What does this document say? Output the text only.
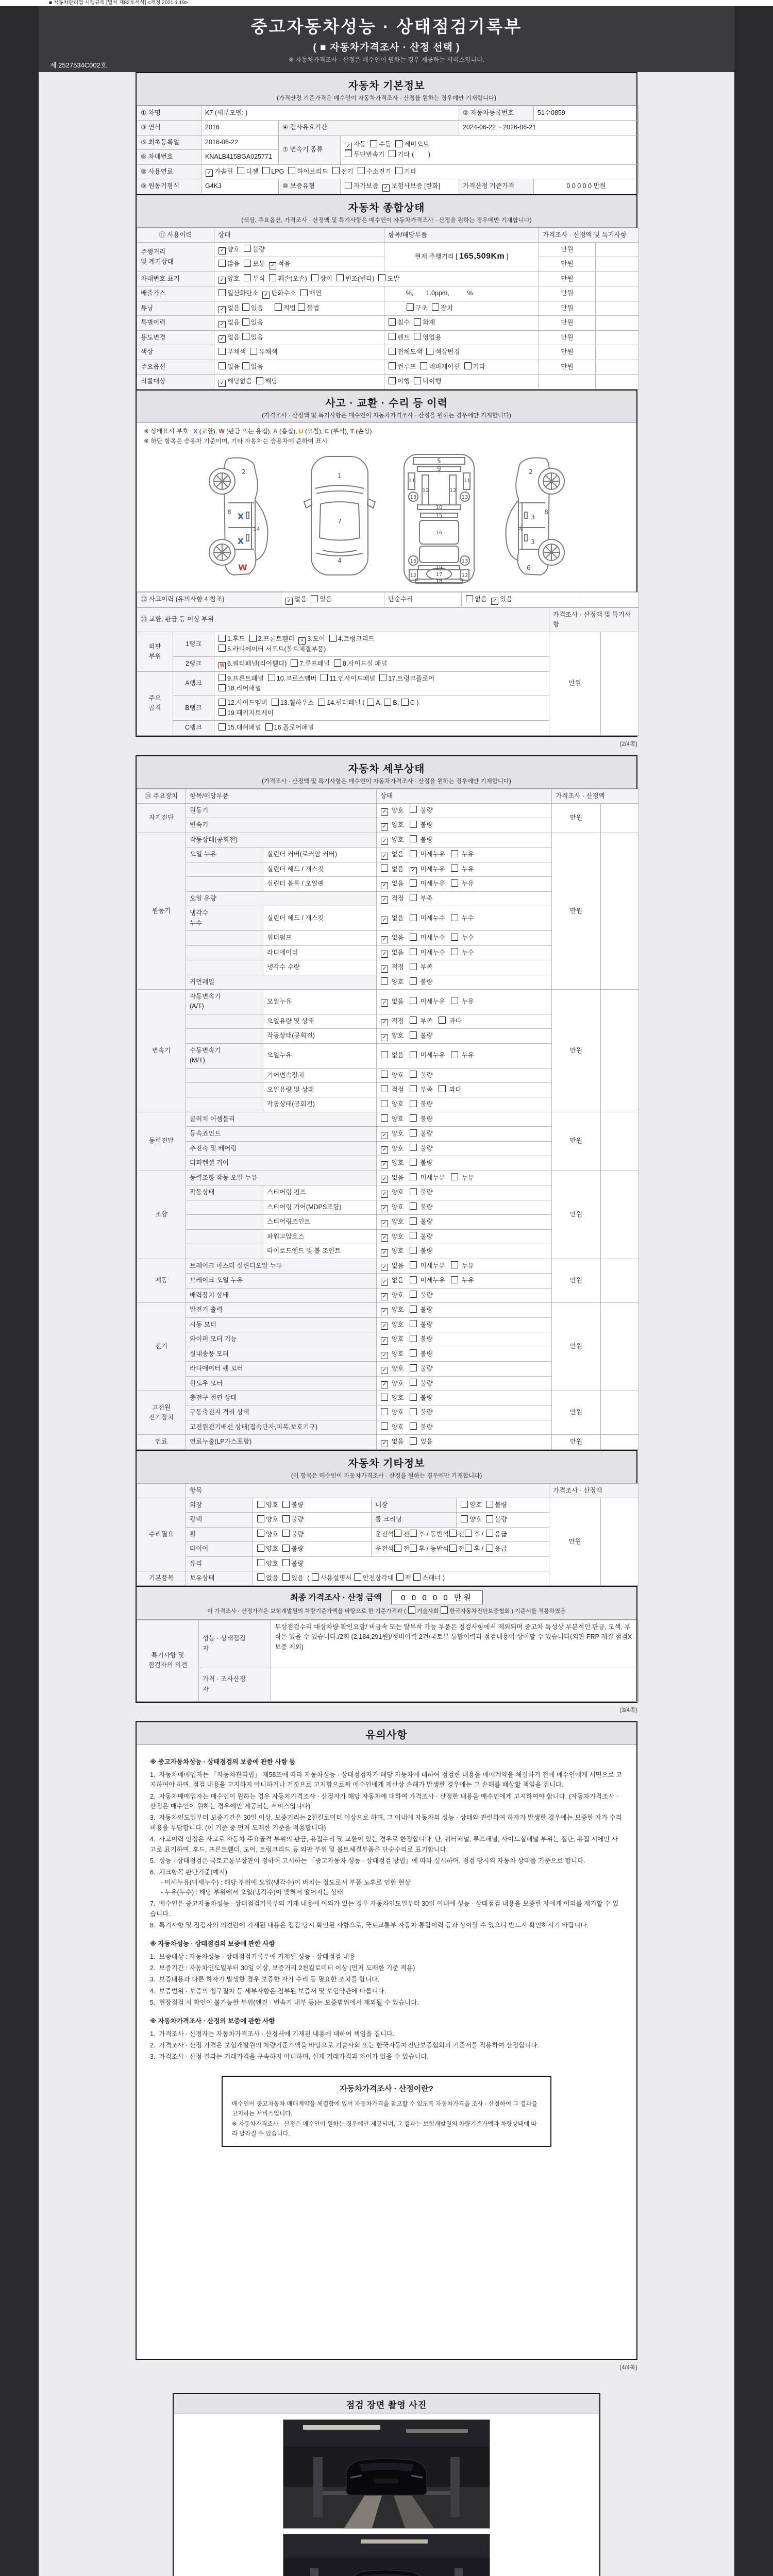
■ 자동차관리법 시행규칙 [별지 제82호서식] <개정 2021.1.19>
중고자동차성능 · 상태점검기록부
( ■ 자동차가격조사 · 산정 선택 )
※ 자동차가격조사 · 산정은 매수인이 원하는 경우 제공하는 서비스입니다.
제 2527534C002호
자동차 기본정보
(가격산정 기준가격은 매수인이 자동차가격조사 · 산정을 원하는 경우에만 기재합니다)
① 차명	K7 (세부모델: )			② 자동차등록번호	51수0859
③ 연식	2016	④ 검사유효기간		2024-06-22 ~ 2026-06-21	
⑤ 최초등록일	2016-06-22	⑦ 변속기 종류	✓ 자동  수동  세미오토
무단변속기  기타 (        )		
⑥ 차대번호	KNALB415BGA025771				
⑧ 사용연료	✓ 가솔린  디젤  LPG  하이브리드  전기  수소전기  기타				
⑨ 원동기형식	G4KJ	⑩ 보증유형	자가보증  ✓ 보험사보증 [한화]	가격산정 기준가격	0 0 0 0 0 만원
자동차 종합상태
(색상, 주요옵션, 가격조사 · 산정액 및 특기사항은 매수인이 자동차가격조사 · 산정을 원하는 경우에만 기재합니다)
⑪ 사용이력	상태	항목/해당부품	가격조사 · 산정액 및 특기사항	
주행거리
및 계기상태	✓ 양호  불량	현재 주행거리 [ 165,509Km ]	만원	
	많음  보통  ✓ 적음		만원	
차대번호 표기	✓ 양호  부식  훼손(오손)  상이  변조(변타)  도말		만원	
배출가스	일산화탄소  ✓ 탄화수소  매연	%,       1.0ppm,          %	만원	
튜닝	✓ 없음 있음      적법 불법	구조  장치	만원	
특별이력	✓ 없음 있음	침수  화재	만원	
용도변경	✓ 없음 있음	렌트  영업용	만원	
색상	무채색  유채색	전체도색  색상변경	만원	
주요옵션	없음 있음	썬루프  네비게이션  기타	만원	
리콜대상	✓ 해당없음  해당	이행  미이행		
사고 · 교환 · 수리 등 이력
(가격조사 · 산정액 및 특기사항은 매수인이 자동차가격조사 · 산정을 원하는 경우에만 기재합니다)
※ 상태표시 부호 : X (교환), W (판금 또는 용접), A (흠집), U (요철), C (부식), T (손상)
※ 하단 항목은 승용차 기준이며, 기타 자동차는 승용차에 준하여 표시
2
8
14
X
X
W
1
7
4
5
9
11	11
12	12
13	13
10
15
16
19
13	13
17
12	12
18
2
8
3
4
3
6
⑫ 사고이력 (유의사항 4 참조)	✓ 없음  있음	단순수리	없음  ✓ 있음	
⑬ 교환, 판금 등 이상 부위			가격조사 · 산정액 및 특기사항	
외판
부위	1랭크	1.후드  2.프론트휀더  ✕ 3.도어  4.트렁크리드
5.라디에이터 서포트(볼트체결부품)	만원	
	2랭크	W 6.쿼터패널(리어휀다)  7.루프패널  8.사이드실 패널		
주요
골격	A랭크	9.프론트패널  10.크로스멤버  11.인사이드패널  17.트렁크플로어
18.리어패널		
	B랭크	12.사이드멤버  13.휠하우스  14.필러패널 ( A, B, C )
19.패키지트레이		
	C랭크	15.대쉬패널  16.플로어패널		
(2/4쪽)
자동차 세부상태
(가격조사 · 산정액 및 특기사항은 매수인이 자동차가격조사 · 산정을 원하는 경우에만 기재합니다)
⑭ 주요장치	항목/해당부품		상태	가격조사 · 산정액	
자기진단	원동기		✓ 양호    불량	만원	
	변속기		✓ 양호    불량		
원동기	작동상태(공회전)		✓ 양호    불량	만원	
	오일 누유	실린더 커버(로커암 커버)	✓ 없음    미세누유    누유		
		실린더 헤드 / 개스킷	없음   ✓ 미세누유    누유		
		실린더 블록 / 오일팬	✓ 없음    미세누유    누유		
	오일 유량		✓ 적정    부족		
	냉각수
누수	실린더 헤드 / 개스킷	✓ 없음    미세누수    누수		
		워터펌프	✓ 없음    미세누수    누수		
		라디에이터	✓ 없음    미세누수    누수		
		냉각수 수량	✓ 적정    부족		
	커먼레일		양호    불량		
변속기	자동변속기
(A/T)	오일누유	✓ 없음    미세누유    누유	만원	
		오일유량 및 상태	✓ 적정    부족    과다		
		작동상태(공회전)	✓ 양호    불량		
	수동변속기
(M/T)	오일누유	없음    미세누유    누유		
		기어변속장치	양호    불량		
		오일유량 및 상태	적정    부족    과다		
		작동상태(공회전)	양호    불량		
동력전달	클러치 어셈블리		양호    불량	만원	
	등속죠인트		✓ 양호    불량		
	추진축 및 베어링		✓ 양호    불량		
	디퍼렌셜 기어		✓ 양호    불량		
조향	동력조향 작동 오일 누유		✓ 없음    미세누유    누유	만원	
	작동상태	스티어링 펌프	✓ 양호    불량		
		스티어링 기어(MDPS포함)	✓ 양호    불량		
		스티어링조인트	✓ 양호    불량		
		파워고압호스	✓ 양호    불량		
		타이로드엔드 및 볼 조인트	✓ 양호    불량		
제동	브레이크 마스터 실린더오일 누유		✓ 없음    미세누유    누유	만원	
	브레이크 오일 누유		✓ 없음    미세누유    누유		
	배력장치 상태		✓ 양호    불량		
전기	발전기 출력		✓ 양호    불량	만원	
	시동 모터		✓ 양호    불량		
	와이퍼 모터 기능		✓ 양호    불량		
	실내송풍 모터		✓ 양호    불량		
	라디에이터 팬 모터		✓ 양호    불량		
	윈도우 모터		✓ 양호    불량		
고전원
전기장치	충전구 절연 상태		양호    불량	만원	
	구동축전지 격리 상태		양호    불량		
	고전원전기배선 상태(접속단자,피복,보호기구)		양호    불량		
연료	연료누출(LP가스포함)		✓ 없음    있음	만원	
자동차 기타정보
(이 항목은 매수인이 자동차가격조사 · 산정을 원하는 경우에만 기재합니다)
	항목				가격조사 · 산정액	
수리필요	외장	양호  불량	내장	양호  불량	만원	
	광택	양호  불량	룸 크리닝	양호  불량		
	휠	양호  불량	운전석 전 후 / 동반석 전 후 / 응급			
	타이어	양호  불량	운전석 전 후 / 동반석 전 후 / 응급			
	유리	양호  불량				
기본품목	보유상태	없음  있음  ( 사용설명서 안전삼각대 잭 스패너 )				
최종 가격조사 · 산정 금액 0 0 0 0 0 만원
이 가격조사 · 산정가격은 보험개발원의 차량기준가액을 바탕으로 한 기준가격과 ( 기술사회 한국자동차진단보증협회 ) 기준서를 적용하였음
특기사항 및
점검자의 의견	성능 · 상태점검
자	무상점검수리 대상차량 확인요망/ 비금속 또는 탈부착 가능 부품은 점검사항에서 제외되며 중고차 특성상 부분적인 판금, 도색, 부식은 있을 수 있습니다./2회 (2,184,291원)/정비이력 2건/국토부 통합이력과 점검내용이 상이할 수 있습니다(외판 FRP 재질 점검X 보증 제외)
	가격 · 조사산정
자	
(3/4쪽)
유의사항
※ 중고자동차성능 · 상태점검의 보증에 관한 사항 등
1.  자동차매매업자는 「자동차관리법」 제58조에 따라 자동차성능 · 상태점검자가 해당 자동차에 대하여 점검한 내용을 매매계약을 체결하기 전에 매수인에게 서면으로 고지하여야 하며, 점검 내용을 고지하지 아니하거나 거짓으로 고지함으로써 매수인에게 재산상 손해가 발생한 경우에는 그 손해를 배상할 책임을 집니다.
2.  자동차매매업자는 매수인이 원하는 경우 자동차가격조사 · 산정자가 해당 자동차에 대하여 가격조사 · 산정한 내용을 매수인에게 고지하여야 합니다. (자동차가격조사 · 산정은 매수인이 원하는 경우에만 제공되는 서비스입니다)
3.  자동차인도일부터 보증기간은 30일 이상, 보증거리는 2천킬로미터 이상으로 하며, 그 이내에 자동차의 성능 · 상태와 관련하여 하자가 발생한 경우에는 보증한 자가 수리비용을 부담합니다. (이 기준 중 먼저 도래한 기준을 적용합니다)
4.  사고이력 인정은 사고로 자동차 주요골격 부위의 판금, 용접수리 및 교환이 있는 경우로 한정합니다. 단, 쿼터패널, 루프패널, 사이드실패널 부위는 절단, 용접 시에만 사고로 표기하며, 후드, 프론트휀더, 도어, 트렁크리드 등 외판 부위 및 볼트체결부품은 단순수리로 표기합니다.
5.  성능 · 상태점검은 국토교통부장관이 정하여 고시하는 「중고자동차 성능 · 상태점검 방법」에 따라 실시하며, 점검 당시의 자동차 상태를 기준으로 합니다.
6.  체크항목 판단기준(예시)
- 미세누유(미세누수) : 해당 부위에 오일(냉각수)이 비치는 정도로서 부품 노후로 인한 현상
- 누유(누수) : 해당 부위에서 오일(냉각수)이 맺혀서 떨어지는 상태
7.  매수인은 중고자동차성능 · 상태점검기록부의 기재 내용에 이의가 있는 경우 자동차인도일부터 30일 이내에 성능 · 상태점검 내용을 보증한 자에게 이의를 제기할 수 있습니다.
8.  특기사항 및 점검자의 의견란에 기재된 내용은 점검 당시 확인된 사항으로, 국토교통부 자동차 통합이력 등과 상이할 수 있으니 반드시 확인하시기 바랍니다.
※ 자동차성능 · 상태점검의 보증에 관한 사항
1.  보증대상 : 자동차성능 · 상태점검기록부에 기재된 성능 · 상태점검 내용
2.  보증기간 : 자동차인도일부터 30일 이상, 보증거리 2천킬로미터 이상 (먼저 도래한 기준 적용)
3.  보증내용과 다른 하자가 발생한 경우 보증한 자가 수리 등 필요한 조치를 합니다.
4.  보증범위 · 보증의 청구절차 등 세부사항은 첨부된 보증서 및 보험약관에 따릅니다.
5.  현장점검 시 확인이 불가능한 부위(엔진 · 변속기 내부 등)는 보증범위에서 제외될 수 있습니다.
※ 자동차가격조사 · 산정의 보증에 관한 사항
1.  가격조사 · 산정자는 자동차가격조사 · 산정서에 기재된 내용에 대하여 책임을 집니다.
2.  가격조사 · 산정 가격은 보험개발원의 차량기준가액을 바탕으로 기술사회 또는 한국자동차진단보증협회의 기준서를 적용하여 산정합니다.
3.  가격조사 · 산정 결과는 거래가격을 구속하지 아니하며, 실제 거래가격과 차이가 있을 수 있습니다.
자동차가격조사 · 산정이란?
매수인이 중고자동차 매매계약을 체결함에 있어 자동차가격을 참고할 수 있도록 자동차가격을 조사 · 산정하여 그 결과를 고지하는 서비스입니다.
※ 자동차가격조사 · 산정은 매수인이 원하는 경우에만 제공되며, 그 결과는 보험개발원의 차량기준가액과 차량상태에 따라 달라질 수 있습니다.
(4/4쪽)
점검 장면 촬영 사진
